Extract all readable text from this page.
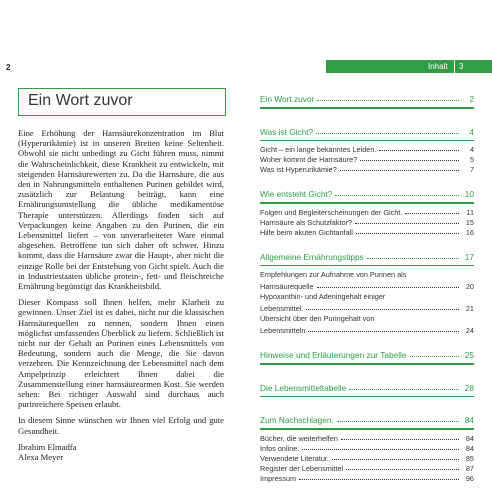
2	Inhalt 3
Ein Wort zuvor

Eine Erhöhung der Harnsäurekonzentration im Blut (Hyperurikämie) ist in unseren Breiten keine Seltenheit. Obwohl sie nicht unbedingt zu Gicht führen muss, nimmt die Wahrscheinlichkeit, diese Krankheit zu entwickeln, mit steigenden Harnsäurewerten zu. Da die Harnsäure, die aus den in Nahrungsmitteln enthaltenen Purinen gebildet wird, zusätzlich zur Belastung beiträgt, kann eine Ernährungsumstellung die übliche medikamentöse Therapie unterstützen. Allerdings finden sich auf Verpackungen keine Angaben zu den Purinen, die ein Lebensmittel liefert – von unverarbeiteter Ware einmal abgesehen. Betroffene tun sich daher oft schwer. Hinzu kommt, dass die Harnsäure zwar die Haupt-, aber nicht die einzige Rolle bei der Entstehung von Gicht spielt. Auch die in Industriestaaten übliche protein-, fett- und fleischreiche Ernährung begünstigt das Krankheitsbild.

Dieser Kompass soll Ihnen helfen, mehr Klarheit zu gewinnen. Unser Ziel ist es dabei, nicht nur die klassischen Harnsäurequellen zu nennen, sondern Ihnen einen möglichst umfassenden Überblick zu liefern. Schließlich ist nicht nur der Gehalt an Purinen eines Lebensmittels von Bedeutung, sondern auch die Menge, die Sie davon verzehren. Die Kennzeichnung der Lebensmittel nach dem Ampelprinzip erleichtert Ihnen dabei die Zusammenstellung einer harnsäurearmen Kost. Sie werden sehen: Bei richtiger Auswahl sind durchaus auch purinreichere Speisen erlaubt.

In diesem Sinne wünschen wir Ihnen viel Erfolg und gute Gesundheit.

Ibrahim Elmadfa

Alexa Meyer

Ein Wort zuvor	2
Was ist Gicht?	4
Gicht – ein lange bekanntes Leiden.	4
Woher kommt die Harnsäure?	5
Was ist Hyperurikämie?	7
Wie entsteht Gicht?	10
Folgen und Begleiterscheinungen der Gicht.	11
Harnsäure als Schutzfaktor?	15
Hilfe beim akuten Gichtanfall	16
Allgemeine Ernährungstipps	17
Empfehlungen zur Aufnahme von Purinen als
Harnsäurequelle	20
Hypoxanthin- und Adeningehalt einiger
Lebensmittel.	21
Übersicht über den Puringehalt von
Lebensmitteln	24
Hinweise und Erläuterungen zur Tabelle	25
Die Lebensmitteltabelle	28
Zum Nachschlagen.	84
Bücher, die weiterhelfen	84
Infos online.	84
Verwendete Literatur.	85
Register der Lebensmittel	87
Impressum	96
